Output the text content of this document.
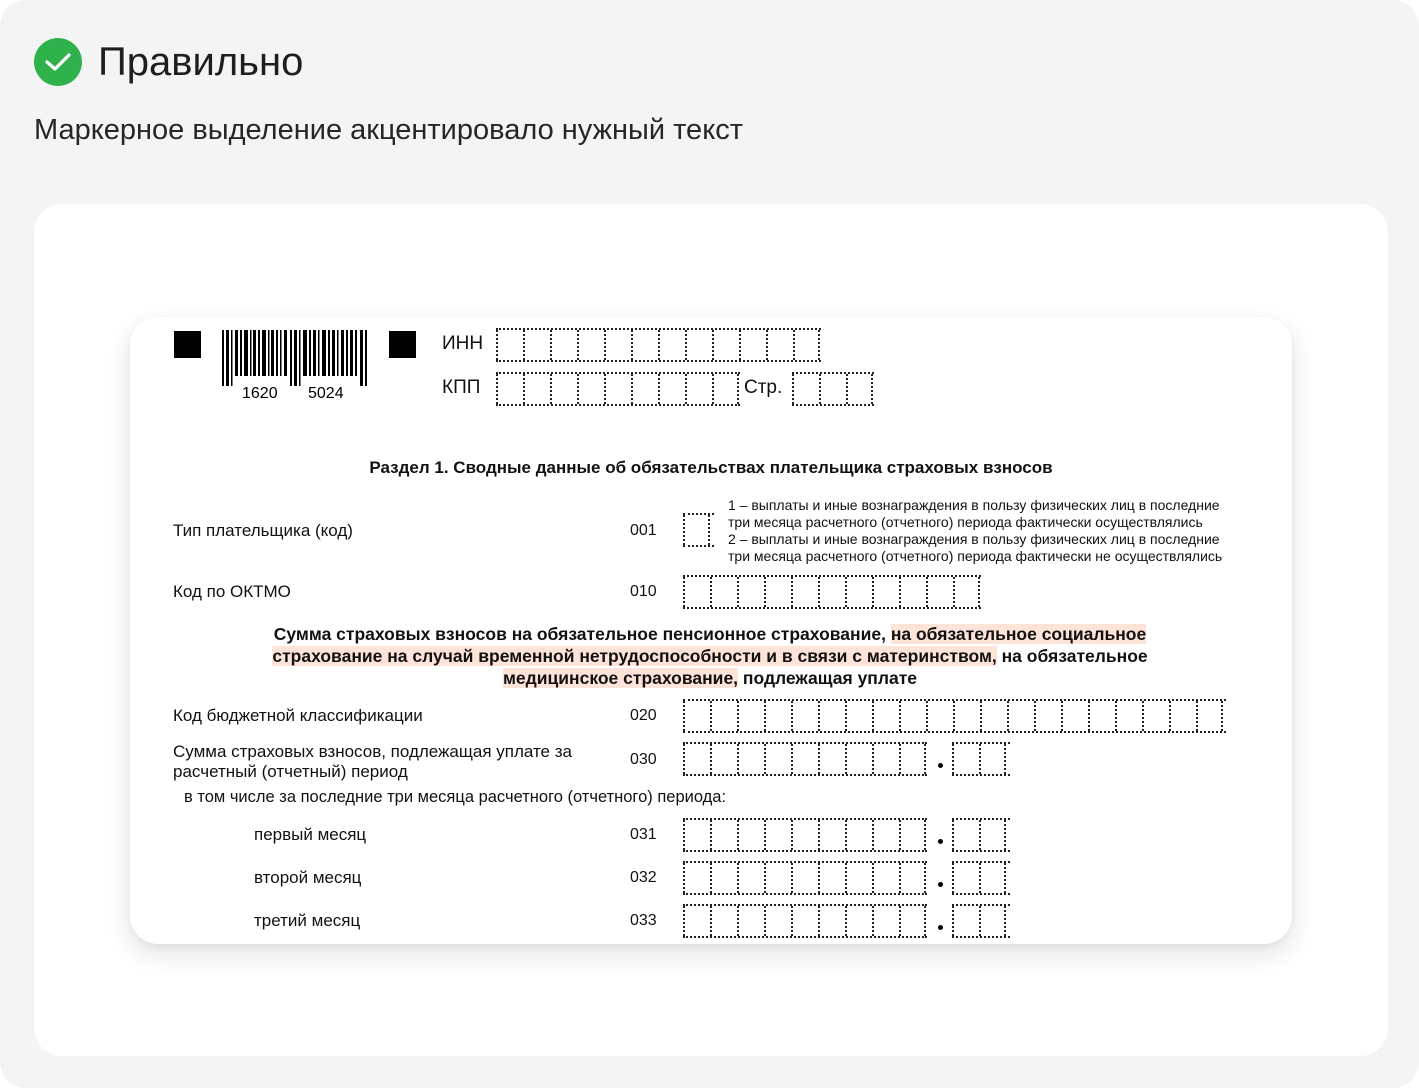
Правильно
Маркерное выделение акцентировало нужный текст
1620 5024
ИНН
КПП	Стр.
Раздел 1. Сводные данные об обязательствах плательщика страховых взносов
Тип плательщика (код)	001
1 – выплаты и иные вознаграждения в пользу физических лиц в последние
три месяца расчетного (отчетного) периода фактически осуществлялись
2 – выплаты и иные вознаграждения в пользу физических лиц в последние
три месяца расчетного (отчетного) периода фактически не осуществлялись
Код по ОКТМО	010
Сумма страховых взносов на обязательное пенсионное страхование, на обязательное социальное страхование на случай временной нетрудоспособности и в связи с материнством, на обязательное медицинское страхование, подлежащая уплате
Код бюджетной классификации	020
Сумма страховых взносов, подлежащая уплате за расчетный (отчетный) период
030
в том числе за последние три месяца расчетного (отчетного) периода:
первый месяц	031
второй месяц	032
третий месяц	033
